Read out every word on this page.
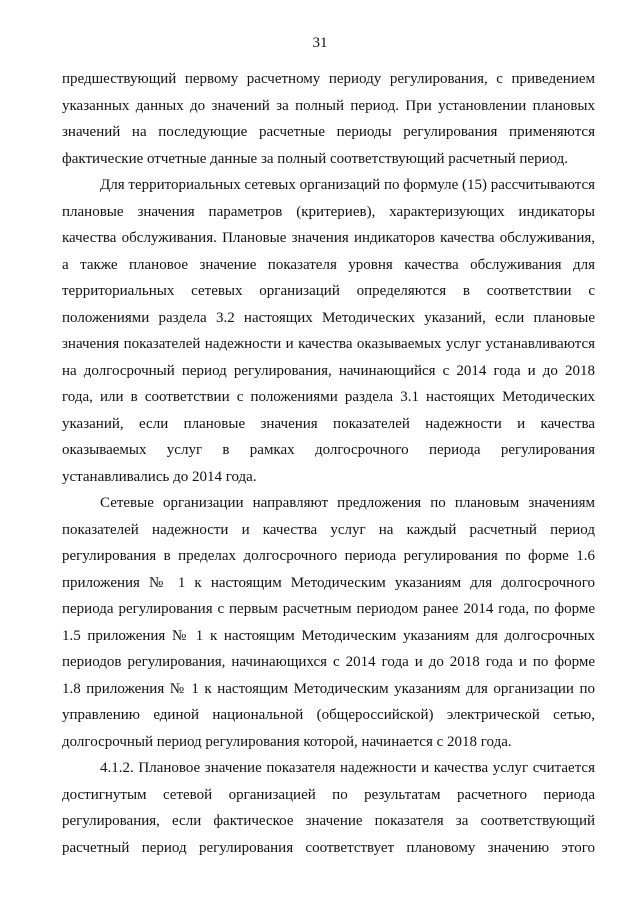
31
предшествующий первому расчетному периоду регулирования, с приведением
указанных данных до значений за полный период. При установлении плановых
значений на последующие расчетные периоды регулирования применяются
фактические отчетные данные за полный соответствующий расчетный период.
Для территориальных сетевых организаций по формуле (15) рассчитываются
плановые значения параметров (критериев), характеризующих индикаторы
качества обслуживания. Плановые значения индикаторов качества обслуживания,
а также плановое значение показателя уровня качества обслуживания для
территориальных сетевых организаций определяются в соответствии с
положениями раздела 3.2 настоящих Методических указаний, если плановые
значения показателей надежности и качества оказываемых услуг устанавливаются
на долгосрочный период регулирования, начинающийся с 2014 года и до 2018
года, или в соответствии с положениями раздела 3.1 настоящих Методических
указаний, если плановые значения показателей надежности и качества
оказываемых услуг в рамках долгосрочного периода регулирования
устанавливались до 2014 года.
Сетевые организации направляют предложения по плановым значениям
показателей надежности и качества услуг на каждый расчетный период
регулирования в пределах долгосрочного периода регулирования по форме 1.6
приложения № 1 к настоящим Методическим указаниям для долгосрочного
периода регулирования с первым расчетным периодом ранее 2014 года, по форме
1.5 приложения № 1 к настоящим Методическим указаниям для долгосрочных
периодов регулирования, начинающихся с 2014 года и до 2018 года и по форме
1.8 приложения № 1 к настоящим Методическим указаниям для организации по
управлению единой национальной (общероссийской) электрической сетью,
долгосрочный период регулирования которой, начинается с 2018 года.
4.1.2. Плановое значение показателя надежности и качества услуг считается
достигнутым сетевой организацией по результатам расчетного периода
регулирования, если фактическое значение показателя за соответствующий
расчетный период регулирования соответствует плановому значению этого
